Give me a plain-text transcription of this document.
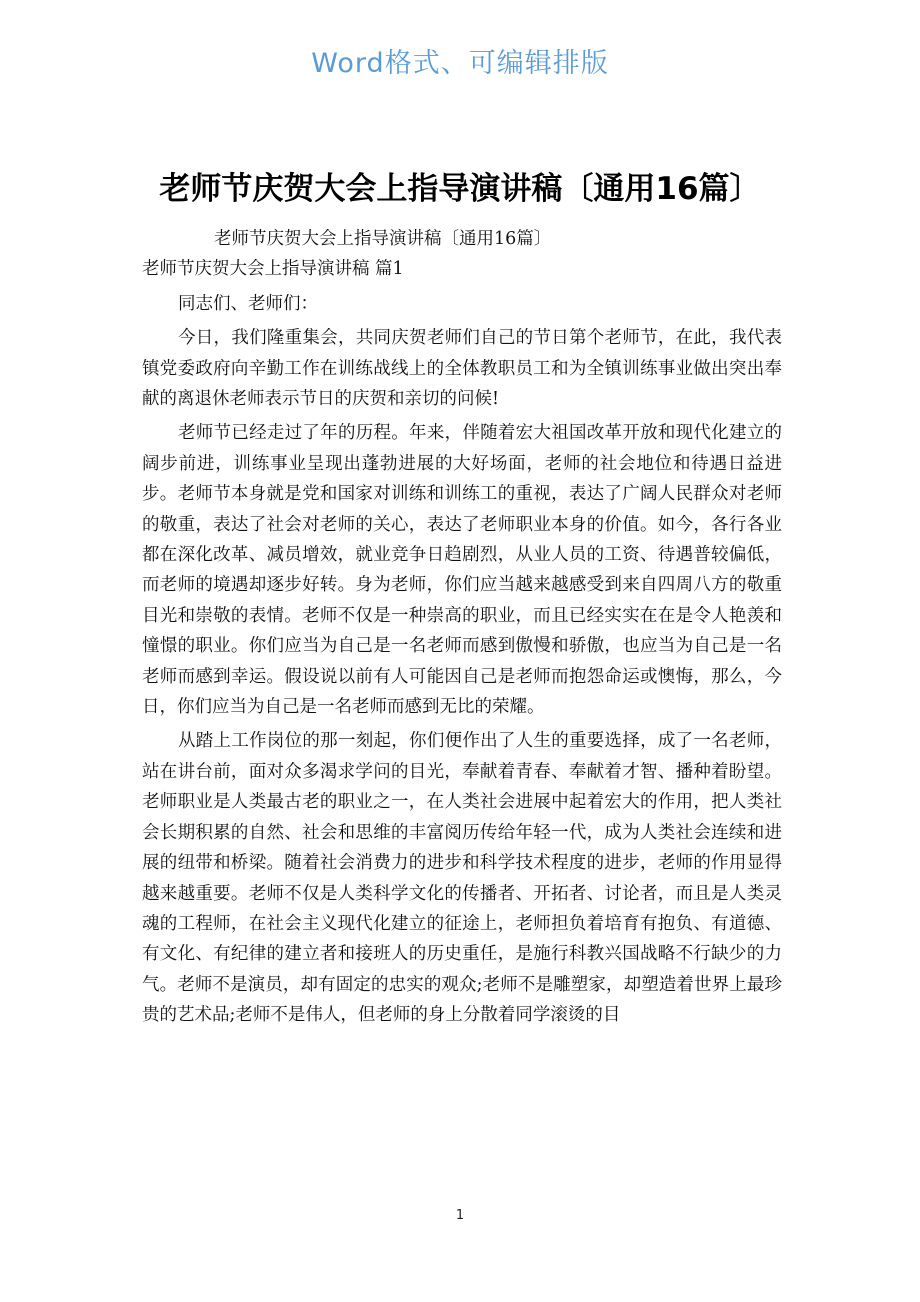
Word格式、可编辑排版
老师节庆贺大会上指导演讲稿〔通用16篇〕

老师节庆贺大会上指导演讲稿〔通用16篇〕

老师节庆贺大会上指导演讲稿 篇1

同志们、老师们：

今日，我们隆重集会，共同庆贺老师们自己的节日第个老师节，在此，我代表镇党委政府向辛勤工作在训练战线上的全体教职员工和为全镇训练事业做出突出奉献的离退休老师表示节日的庆贺和亲切的问候!

老师节已经走过了年的历程。年来，伴随着宏大祖国改革开放和现代化建立的阔步前进，训练事业呈现出蓬勃进展的大好场面，老师的社会地位和待遇日益进步。老师节本身就是党和国家对训练和训练工的重视，表达了广阔人民群众对老师的敬重，表达了社会对老师的关心，表达了老师职业本身的价值。如今，各行各业都在深化改革、减员增效，就业竞争日趋剧烈，从业人员的工资、待遇普较偏低，而老师的境遇却逐步好转。身为老师，你们应当越来越感受到来自四周八方的敬重目光和崇敬的表情。老师不仅是一种崇高的职业，而且已经实实在在是令人艳羡和憧憬的职业。你们应当为自己是一名老师而感到傲慢和骄傲，也应当为自己是一名老师而感到幸运。假设说以前有人可能因自己是老师而抱怨命运或懊悔，那么，今日，你们应当为自己是一名老师而感到无比的荣耀。

从踏上工作岗位的那一刻起，你们便作出了人生的重要选择，成了一名老师，站在讲台前，面对众多渴求学问的目光，奉献着青春、奉献着才智、播种着盼望。老师职业是人类最古老的职业之一，在人类社会进展中起着宏大的作用，把人类社会长期积累的自然、社会和思维的丰富阅历传给年轻一代，成为人类社会连续和进展的纽带和桥梁。随着社会消费力的进步和科学技术程度的进步，老师的作用显得越来越重要。老师不仅是人类科学文化的传播者、开拓者、讨论者，而且是人类灵魂的工程师，在社会主义现代化建立的征途上，老师担负着培育有抱负、有道德、有文化、有纪律的建立者和接班人的历史重任，是施行科教兴国战略不行缺少的力气。老师不是演员，却有固定的忠实的观众;老师不是雕塑家，却塑造着世界上最珍贵的艺术品;老师不是伟人，但老师的身上分散着同学滚烫的目

1
